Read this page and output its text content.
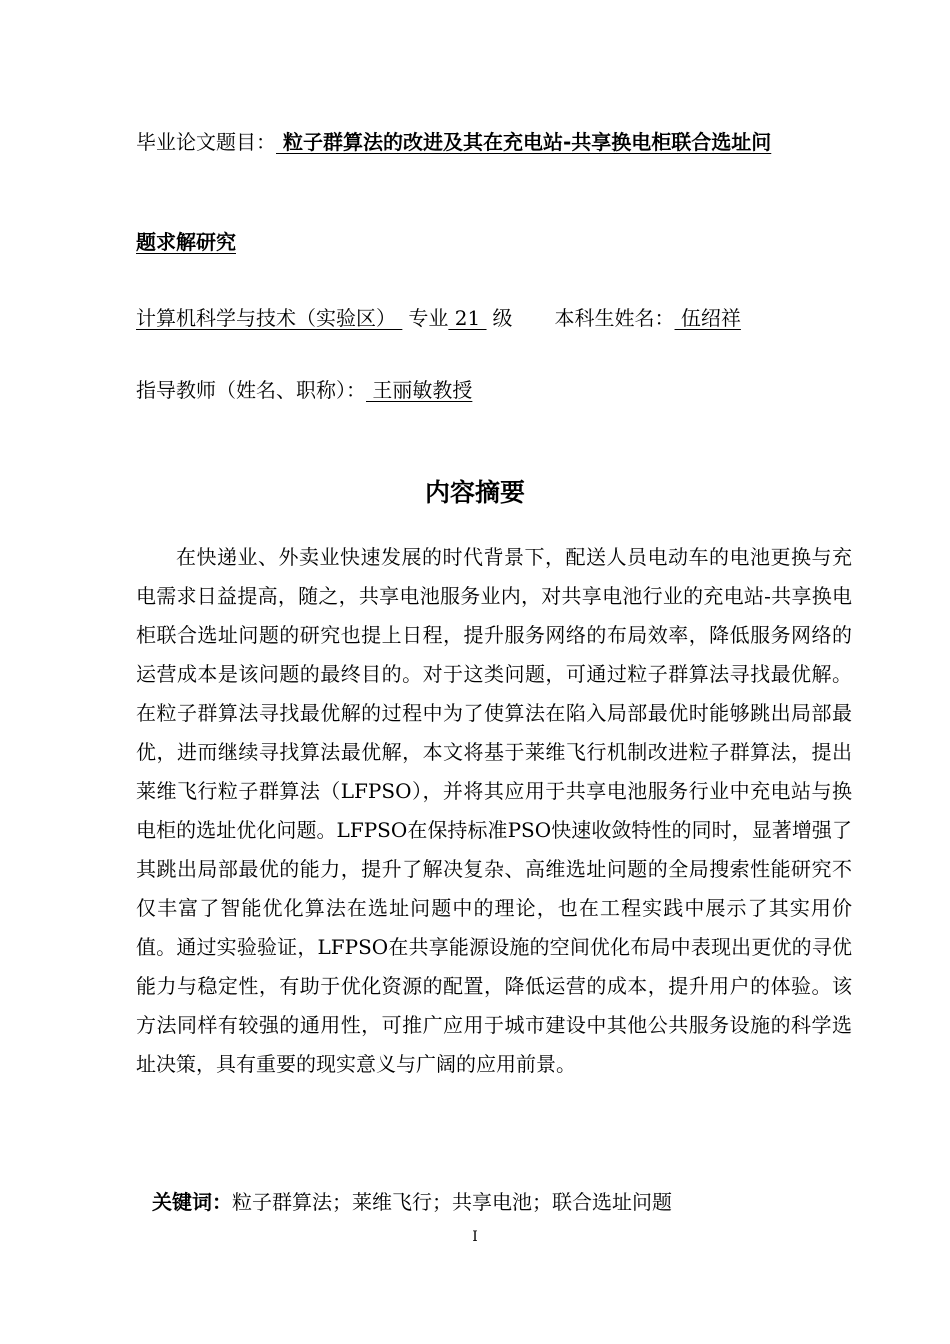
毕业论文题目： 粒子群算法的改进及其在充电站-共享换电柜联合选址问
题求解研究
计算机科学与技术（实验区） 专业 21 级 本科生姓名： 伍绍祥
指导教师（姓名、职称）： 王丽敏教授
内容摘要
在快递业、外卖业快速发展的时代背景下，配送人员电动车的电池更换与充电需求日益提高，随之，共享电池服务业内，对共享电池行业的充电站-共享换电柜联合选址问题的研究也提上日程，提升服务网络的布局效率，降低服务网络的运营成本是该问题的最终目的。对于这类问题，可通过粒子群算法寻找最优解。在粒子群算法寻找最优解的过程中为了使算法在陷入局部最优时能够跳出局部最优，进而继续寻找算法最优解，本文将基于莱维飞行机制改进粒子群算法，提出莱维飞行粒子群算法（LFPSO），并将其应用于共享电池服务行业中充电站与换电柜的选址优化问题。LFPSO在保持标准PSO快速收敛特性的同时，显著增强了其跳出局部最优的能力，提升了解决复杂、高维选址问题的全局搜索性能研究不仅丰富了智能优化算法在选址问题中的理论，也在工程实践中展示了其实用价值。通过实验验证，LFPSO在共享能源设施的空间优化布局中表现出更优的寻优能力与稳定性，有助于优化资源的配置，降低运营的成本，提升用户的体验。该方法同样有较强的通用性，可推广应用于城市建设中其他公共服务设施的科学选址决策，具有重要的现实意义与广阔的应用前景。
关键词：粒子群算法；莱维飞行；共享电池；联合选址问题
I
